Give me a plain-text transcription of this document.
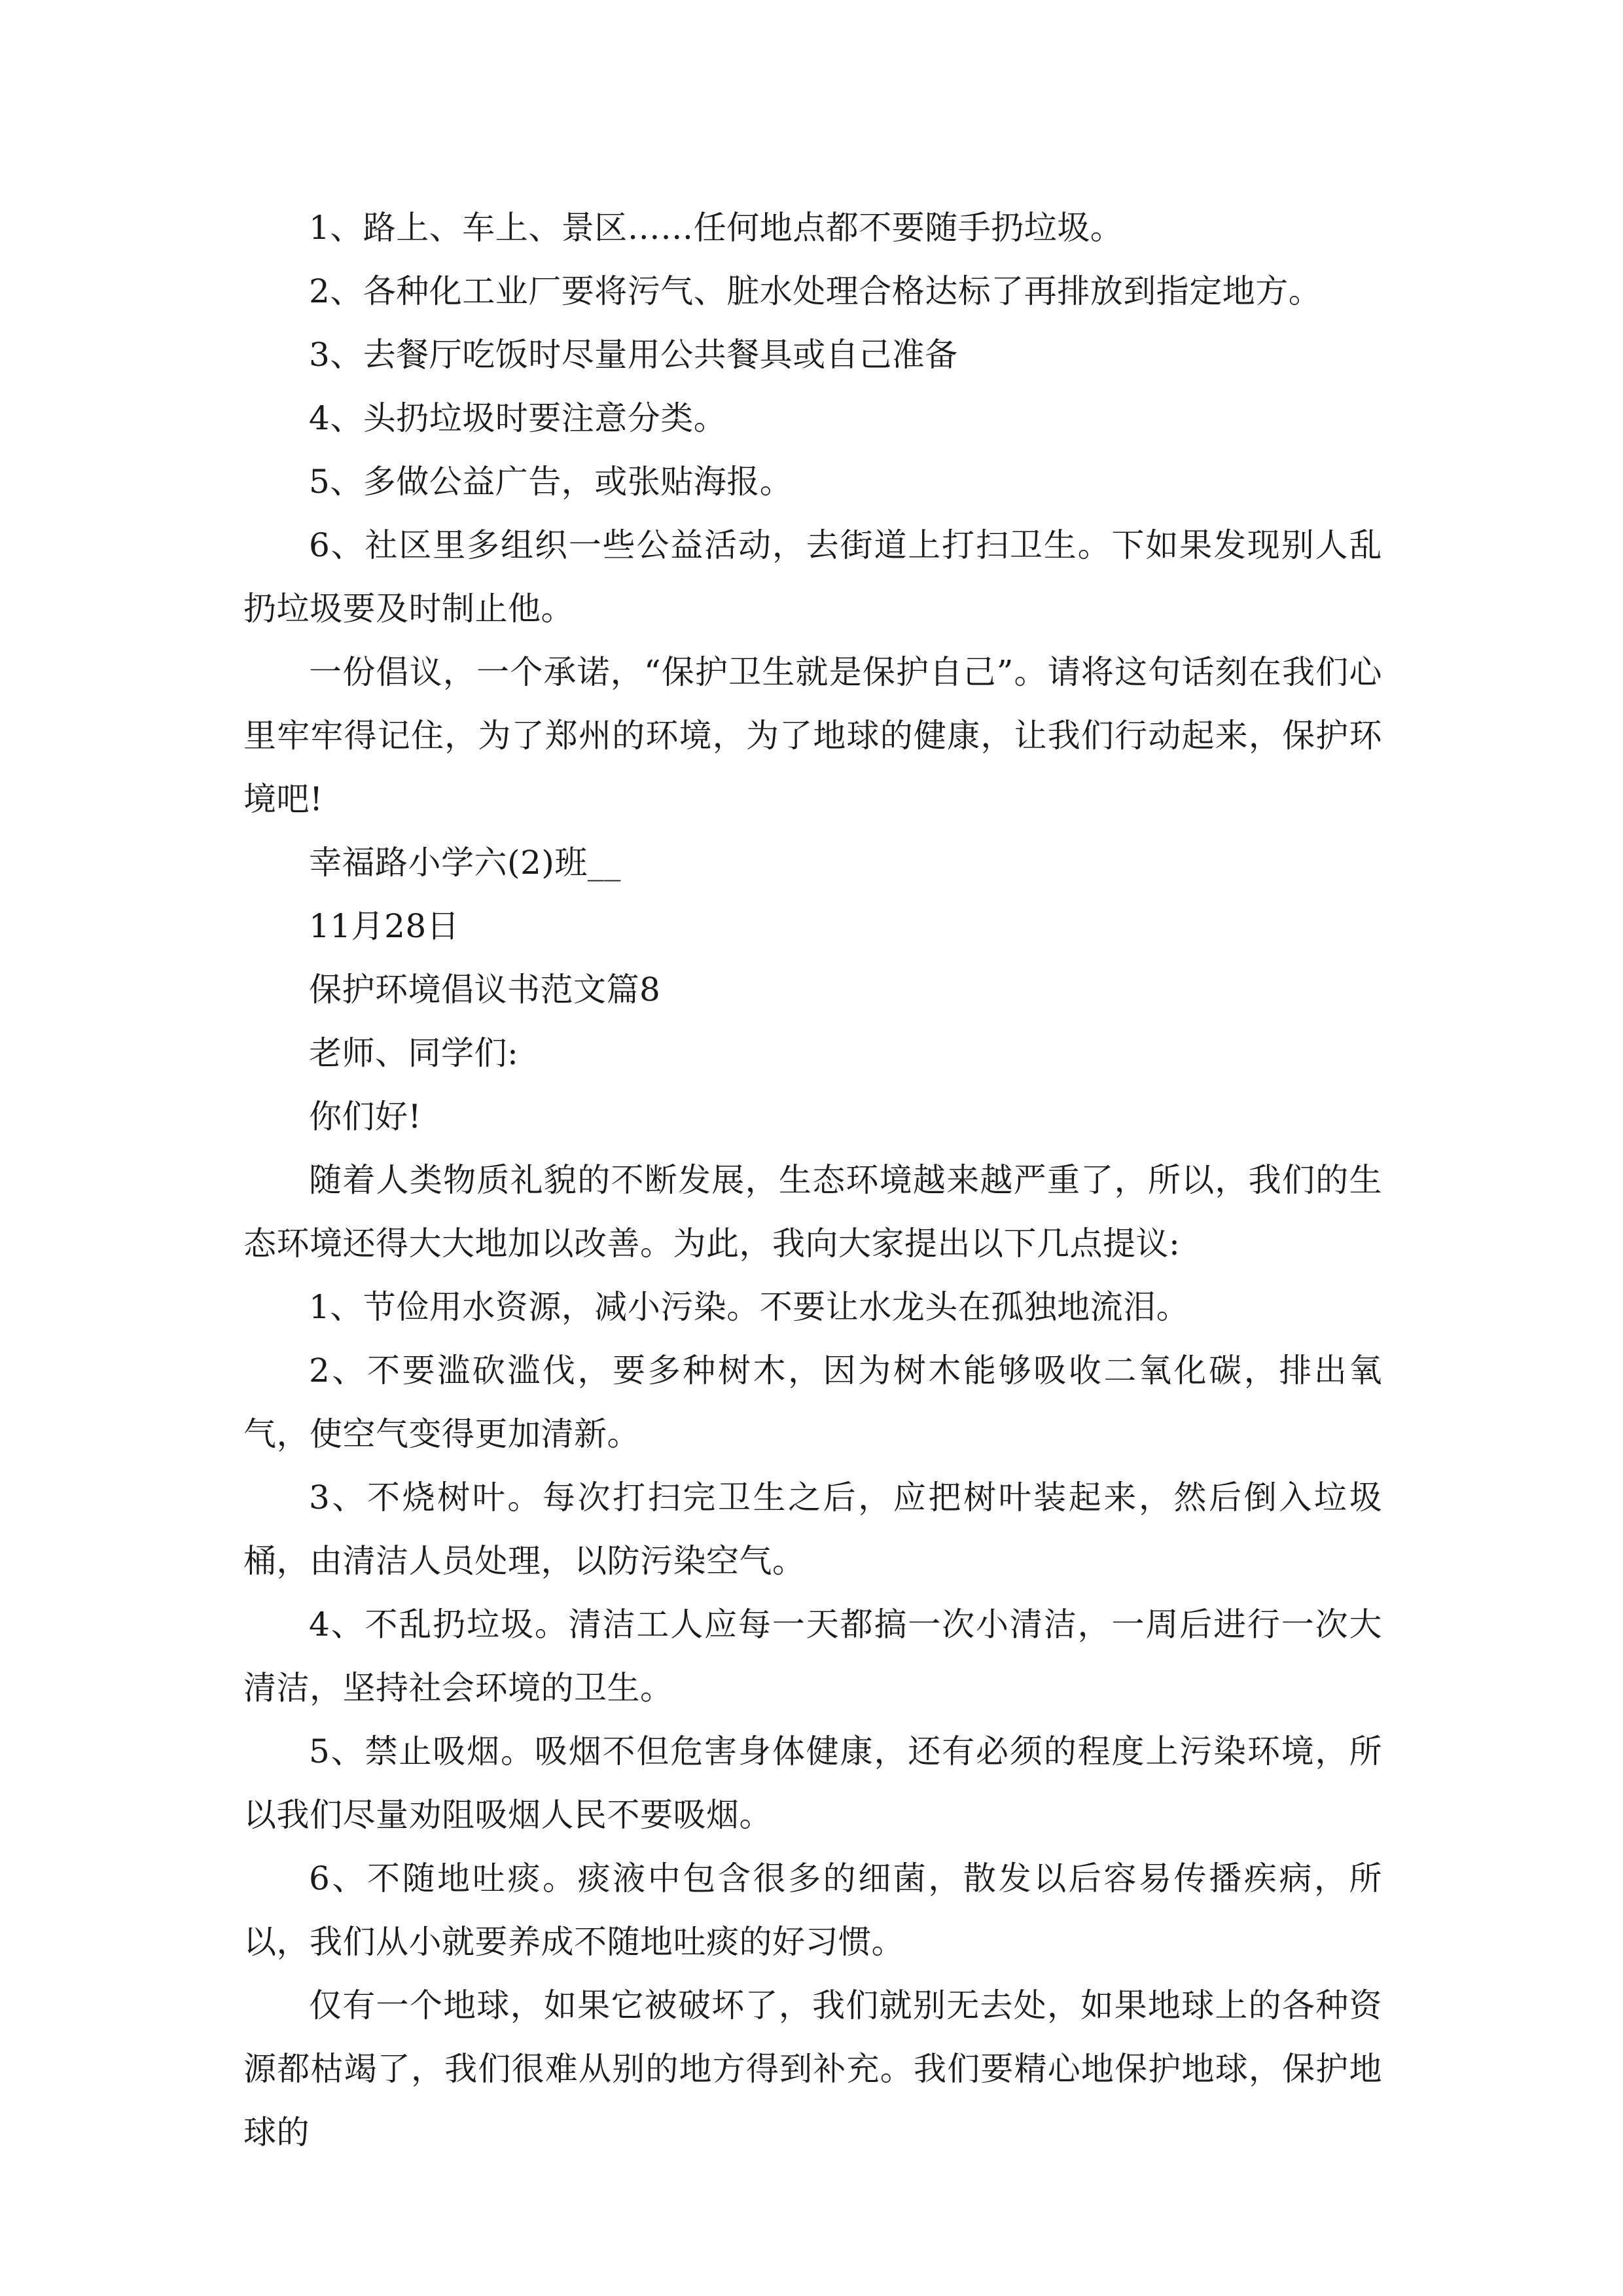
1、路上、车上、景区……任何地点都不要随手扔垃圾。

2、各种化工业厂要将污气、脏水处理合格达标了再排放到指定地方。

3、去餐厅吃饭时尽量用公共餐具或自己准备

4、头扔垃圾时要注意分类。

5、多做公益广告，或张贴海报。

6、社区里多组织一些公益活动，去街道上打扫卫生。下如果发现别人乱扔垃圾要及时制止他。

一份倡议，一个承诺，“保护卫生就是保护自己”。请将这句话刻在我们心里牢牢得记住，为了郑州的环境，为了地球的健康，让我们行动起来，保护环境吧!

幸福路小学六(2)班__

11月28日

保护环境倡议书范文篇8

老师、同学们:

你们好!

随着人类物质礼貌的不断发展，生态环境越来越严重了，所以，我们的生态环境还得大大地加以改善。为此，我向大家提出以下几点提议:

1、节俭用水资源，减小污染。不要让水龙头在孤独地流泪。

2、不要滥砍滥伐，要多种树木，因为树木能够吸收二氧化碳，排出氧气，使空气变得更加清新。

3、不烧树叶。每次打扫完卫生之后，应把树叶装起来，然后倒入垃圾桶，由清洁人员处理，以防污染空气。

4、不乱扔垃圾。清洁工人应每一天都搞一次小清洁，一周后进行一次大清洁，坚持社会环境的卫生。

5、禁止吸烟。吸烟不但危害身体健康，还有必须的程度上污染环境，所以我们尽量劝阻吸烟人民不要吸烟。

6、不随地吐痰。痰液中包含很多的细菌，散发以后容易传播疾病，所以，我们从小就要养成不随地吐痰的好习惯。

仅有一个地球，如果它被破坏了，我们就别无去处，如果地球上的各种资源都枯竭了，我们很难从别的地方得到补充。我们要精心地保护地球，保护地球的
